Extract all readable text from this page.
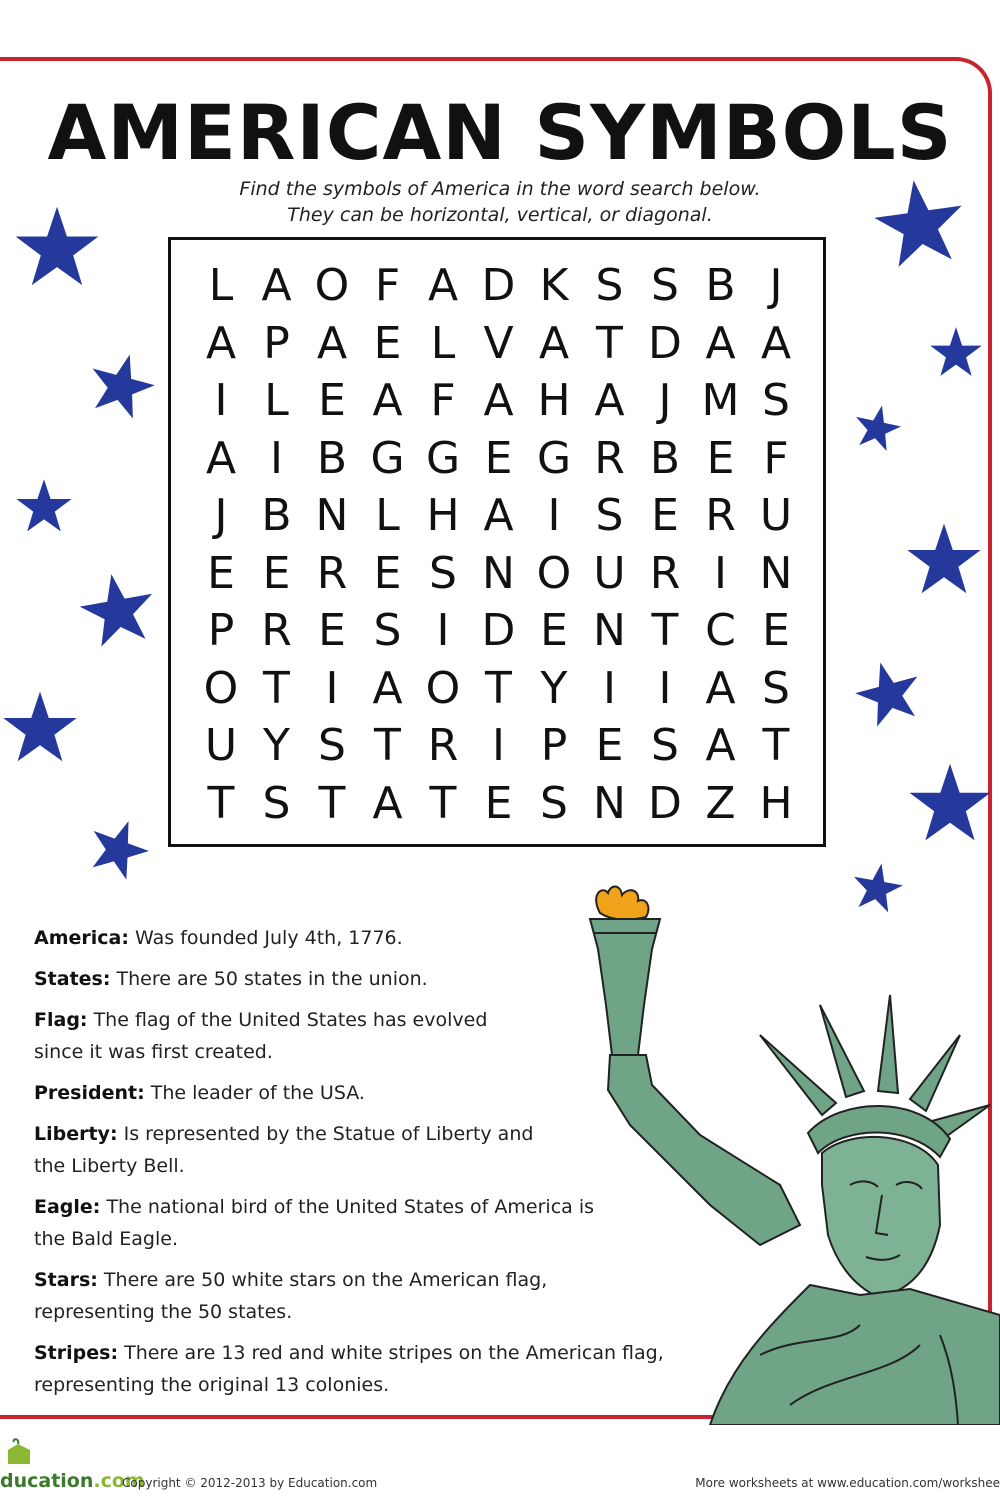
AMERICAN SYMBOLS
Find the symbols of America in the word search below.
They can be horizontal, vertical, or diagonal.
L A O F A D K S S B J
A P A E L V A T D A A
I L E A F A H A J M S
A I B G G E G R B E F
J B N L H A I S E R U
E E R E S N O U R I N
P R E S I D E N T C E
O T I A O T Y I I A S
U Y S T R I P E S A T
T S T A T E S N D Z H
America: Was founded July 4th, 1776.
States: There are 50 states in the union.
Flag: The flag of the United States has evolved
since it was first created.
President: The leader of the USA.
Liberty: Is represented by the Statue of Liberty and
the Liberty Bell.
Eagle: The national bird of the United States of America is
the Bald Eagle.
Stars: There are 50 white stars on the American flag,
representing the 50 states.
Stripes: There are 13 red and white stripes on the American flag,
representing the original 13 colonies.
ducation.com
Copyright © 2012-2013 by Education.com	More worksheets at www.education.com/workshee
